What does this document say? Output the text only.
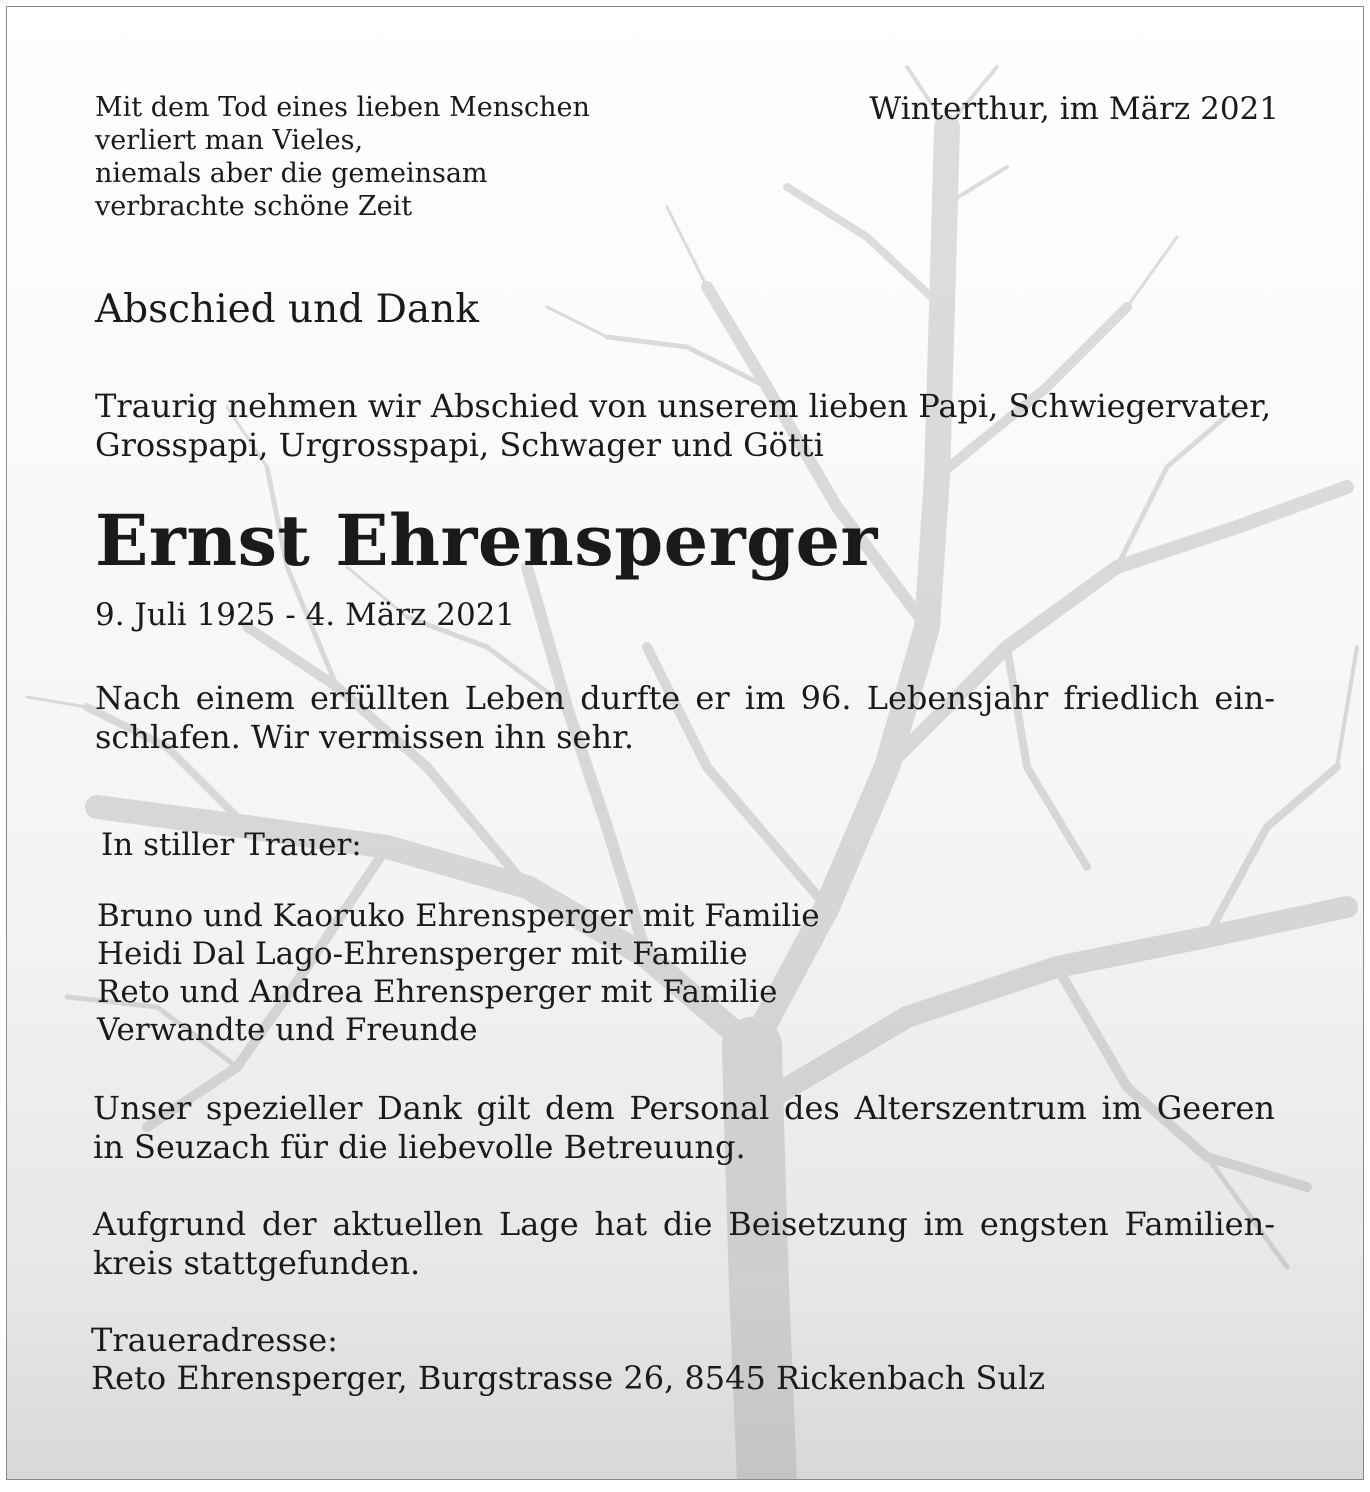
Mit dem Tod eines lieben Menschen
verliert man Vieles,
niemals aber die gemeinsam
verbrachte schöne Zeit

Winterthur, im März 2021

Abschied und Dank

Traurig nehmen wir Abschied von unserem lieben Papi, Schwiegervater, Grosspapi, Urgrosspapi, Schwager und Götti

Ernst Ehrensperger

9. Juli 1925 - 4. März 2021

Nach einem erfüllten Leben durfte er im 96. Lebensjahr friedlich ein-schlafen. Wir vermissen ihn sehr.

In stiller Trauer:

Bruno und Kaoruko Ehrensperger mit Familie
Heidi Dal Lago-Ehrensperger mit Familie
Reto und Andrea Ehrensperger mit Familie
Verwandte und Freunde

Unser spezieller Dank gilt dem Personal des Alterszentrum im Geeren in Seuzach für die liebevolle Betreuung.

Aufgrund der aktuellen Lage hat die Beisetzung im engsten Familien-kreis stattgefunden.

Traueradresse:

Reto Ehrensperger, Burgstrasse 26, 8545 Rickenbach Sulz
